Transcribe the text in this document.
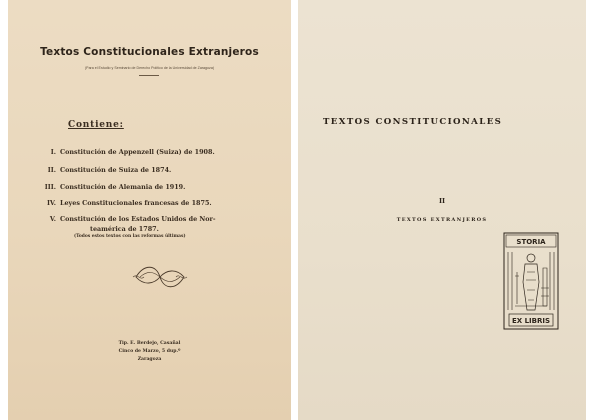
Textos Constitucionales Extranjeros
(Para el Estudio y Seminario de Derecho Político de la Universidad de Zaragoza)
Contiene:
I. Constitución de Appenzell (Suiza) de 1908.
II. Constitución de Suiza de 1874.
III. Constitución de Alemania de 1919.
IV. Leyes Constitucionales francesas de 1875.
V. Constitución de los Estados Unidos de Nor-
teamérica de 1787.
(Todos estos textos con las reformas últimas)
Tip. E. Berdejo, Casañal
Cinco de Marzo, 5 dup.º
Zaragoza
TEXTOS CONSTITUCIONALES
II
TEXTOS EXTRANJEROS
STORIA
EX LIBRIS
